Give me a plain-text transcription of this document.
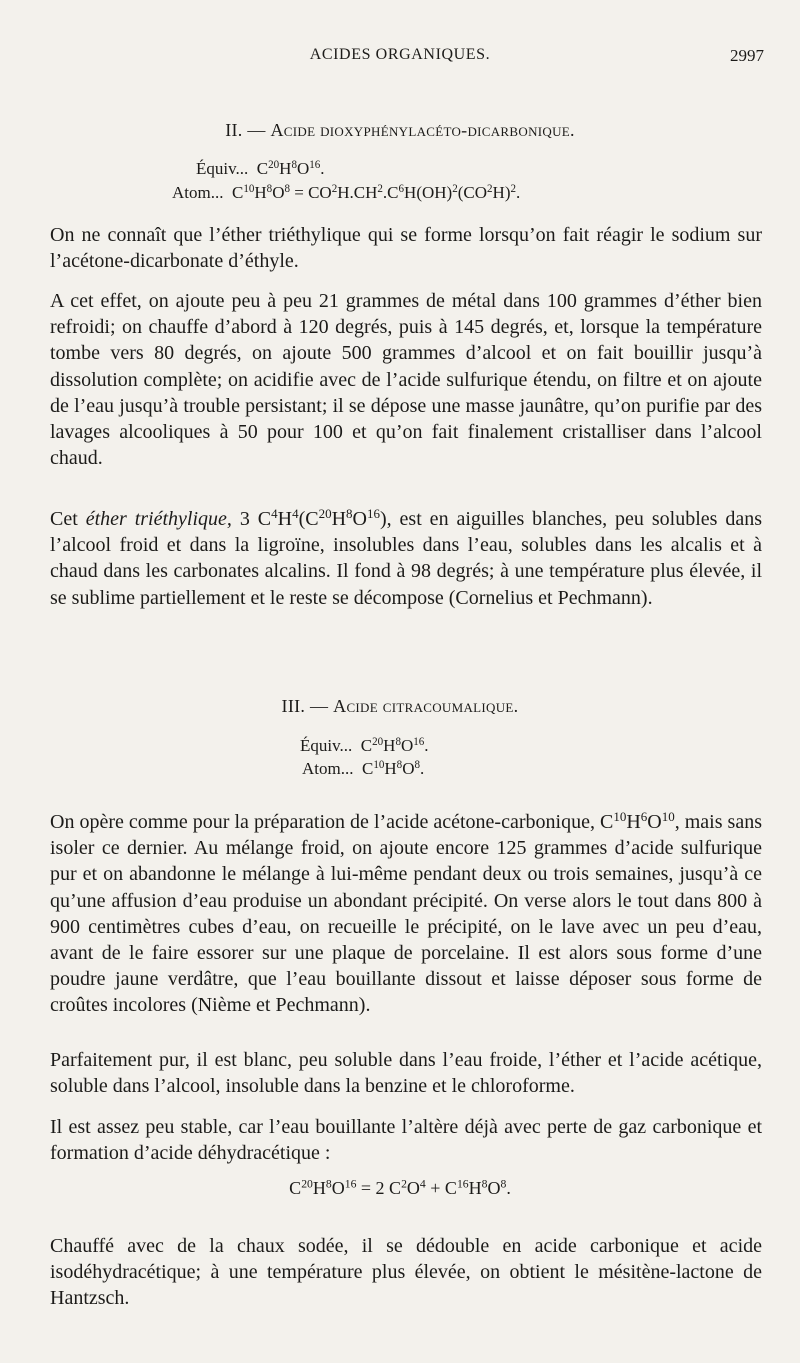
ACIDES ORGANIQUES.	2997
II. — Acide dioxyphénylacéto-dicarbonique.
Équiv...  $C^{20}H^8O^{16}$.
Atom...  $C^{10}H^8O^8 = CO^2H.CH^2.C^6H(OH)^2(CO^2H)^2$.

On ne connaît que l’éther triéthylique qui se forme lorsqu’on fait réagir le sodium sur l’acétone-dicarbonate d’éthyle.

A cet effet, on ajoute peu à peu 21 grammes de métal dans 100 grammes d’éther bien refroidi; on chauffe d’abord à 120 degrés, puis à 145 degrés, et, lorsque la température tombe vers 80 degrés, on ajoute 500 grammes d’alcool et on fait bouillir jusqu’à dissolution complète; on acidifie avec de l’acide sulfurique étendu, on filtre et on ajoute de l’eau jusqu’à trouble persistant; il se dépose une masse jaunâtre, qu’on purifie par des lavages alcooliques à 50 pour 100 et qu’on fait finalement cristalliser dans l’alcool chaud.

Cet éther triéthylique, 3 $C^4H^4(C^{20}H^8O^{16})$, est en aiguilles blanches, peu solubles dans l’alcool froid et dans la ligroïne, insolubles dans l’eau, solubles dans les alcalis et à chaud dans les carbonates alcalins. Il fond à 98 degrés; à une température plus élevée, il se sublime partiellement et le reste se décompose (Cornelius et Pechmann).

III. — Acide citracoumalique.
Équiv...  $C^{20}H^8O^{16}$.
Atom...  $C^{10}H^8O^8$.

On opère comme pour la préparation de l’acide acétone-carbonique, $C^{10}H^6O^{10}$, mais sans isoler ce dernier. Au mélange froid, on ajoute encore 125 grammes d’acide sulfurique pur et on abandonne le mélange à lui-même pendant deux ou trois semaines, jusqu’à ce qu’une affusion d’eau produise un abondant précipité. On verse alors le tout dans 800 à 900 centimètres cubes d’eau, on recueille le précipité, on le lave avec un peu d’eau, avant de le faire essorer sur une plaque de porcelaine. Il est alors sous forme d’une poudre jaune verdâtre, que l’eau bouillante dissout et laisse déposer sous forme de croûtes incolores (Nième et Pechmann).

Parfaitement pur, il est blanc, peu soluble dans l’eau froide, l’éther et l’acide acétique, soluble dans l’alcool, insoluble dans la benzine et le chloroforme.

Il est assez peu stable, car l’eau bouillante l’altère déjà avec perte de gaz carbonique et formation d’acide déhydracétique :

$C^{20}H^8O^{16} = 2$ $C^2O^4 + C^{16}H^8O^8$.

Chauffé avec de la chaux sodée, il se dédouble en acide carbonique et acide isodéhydracétique; à une température plus élevée, on obtient le mésitène-lactone de Hantzsch.
